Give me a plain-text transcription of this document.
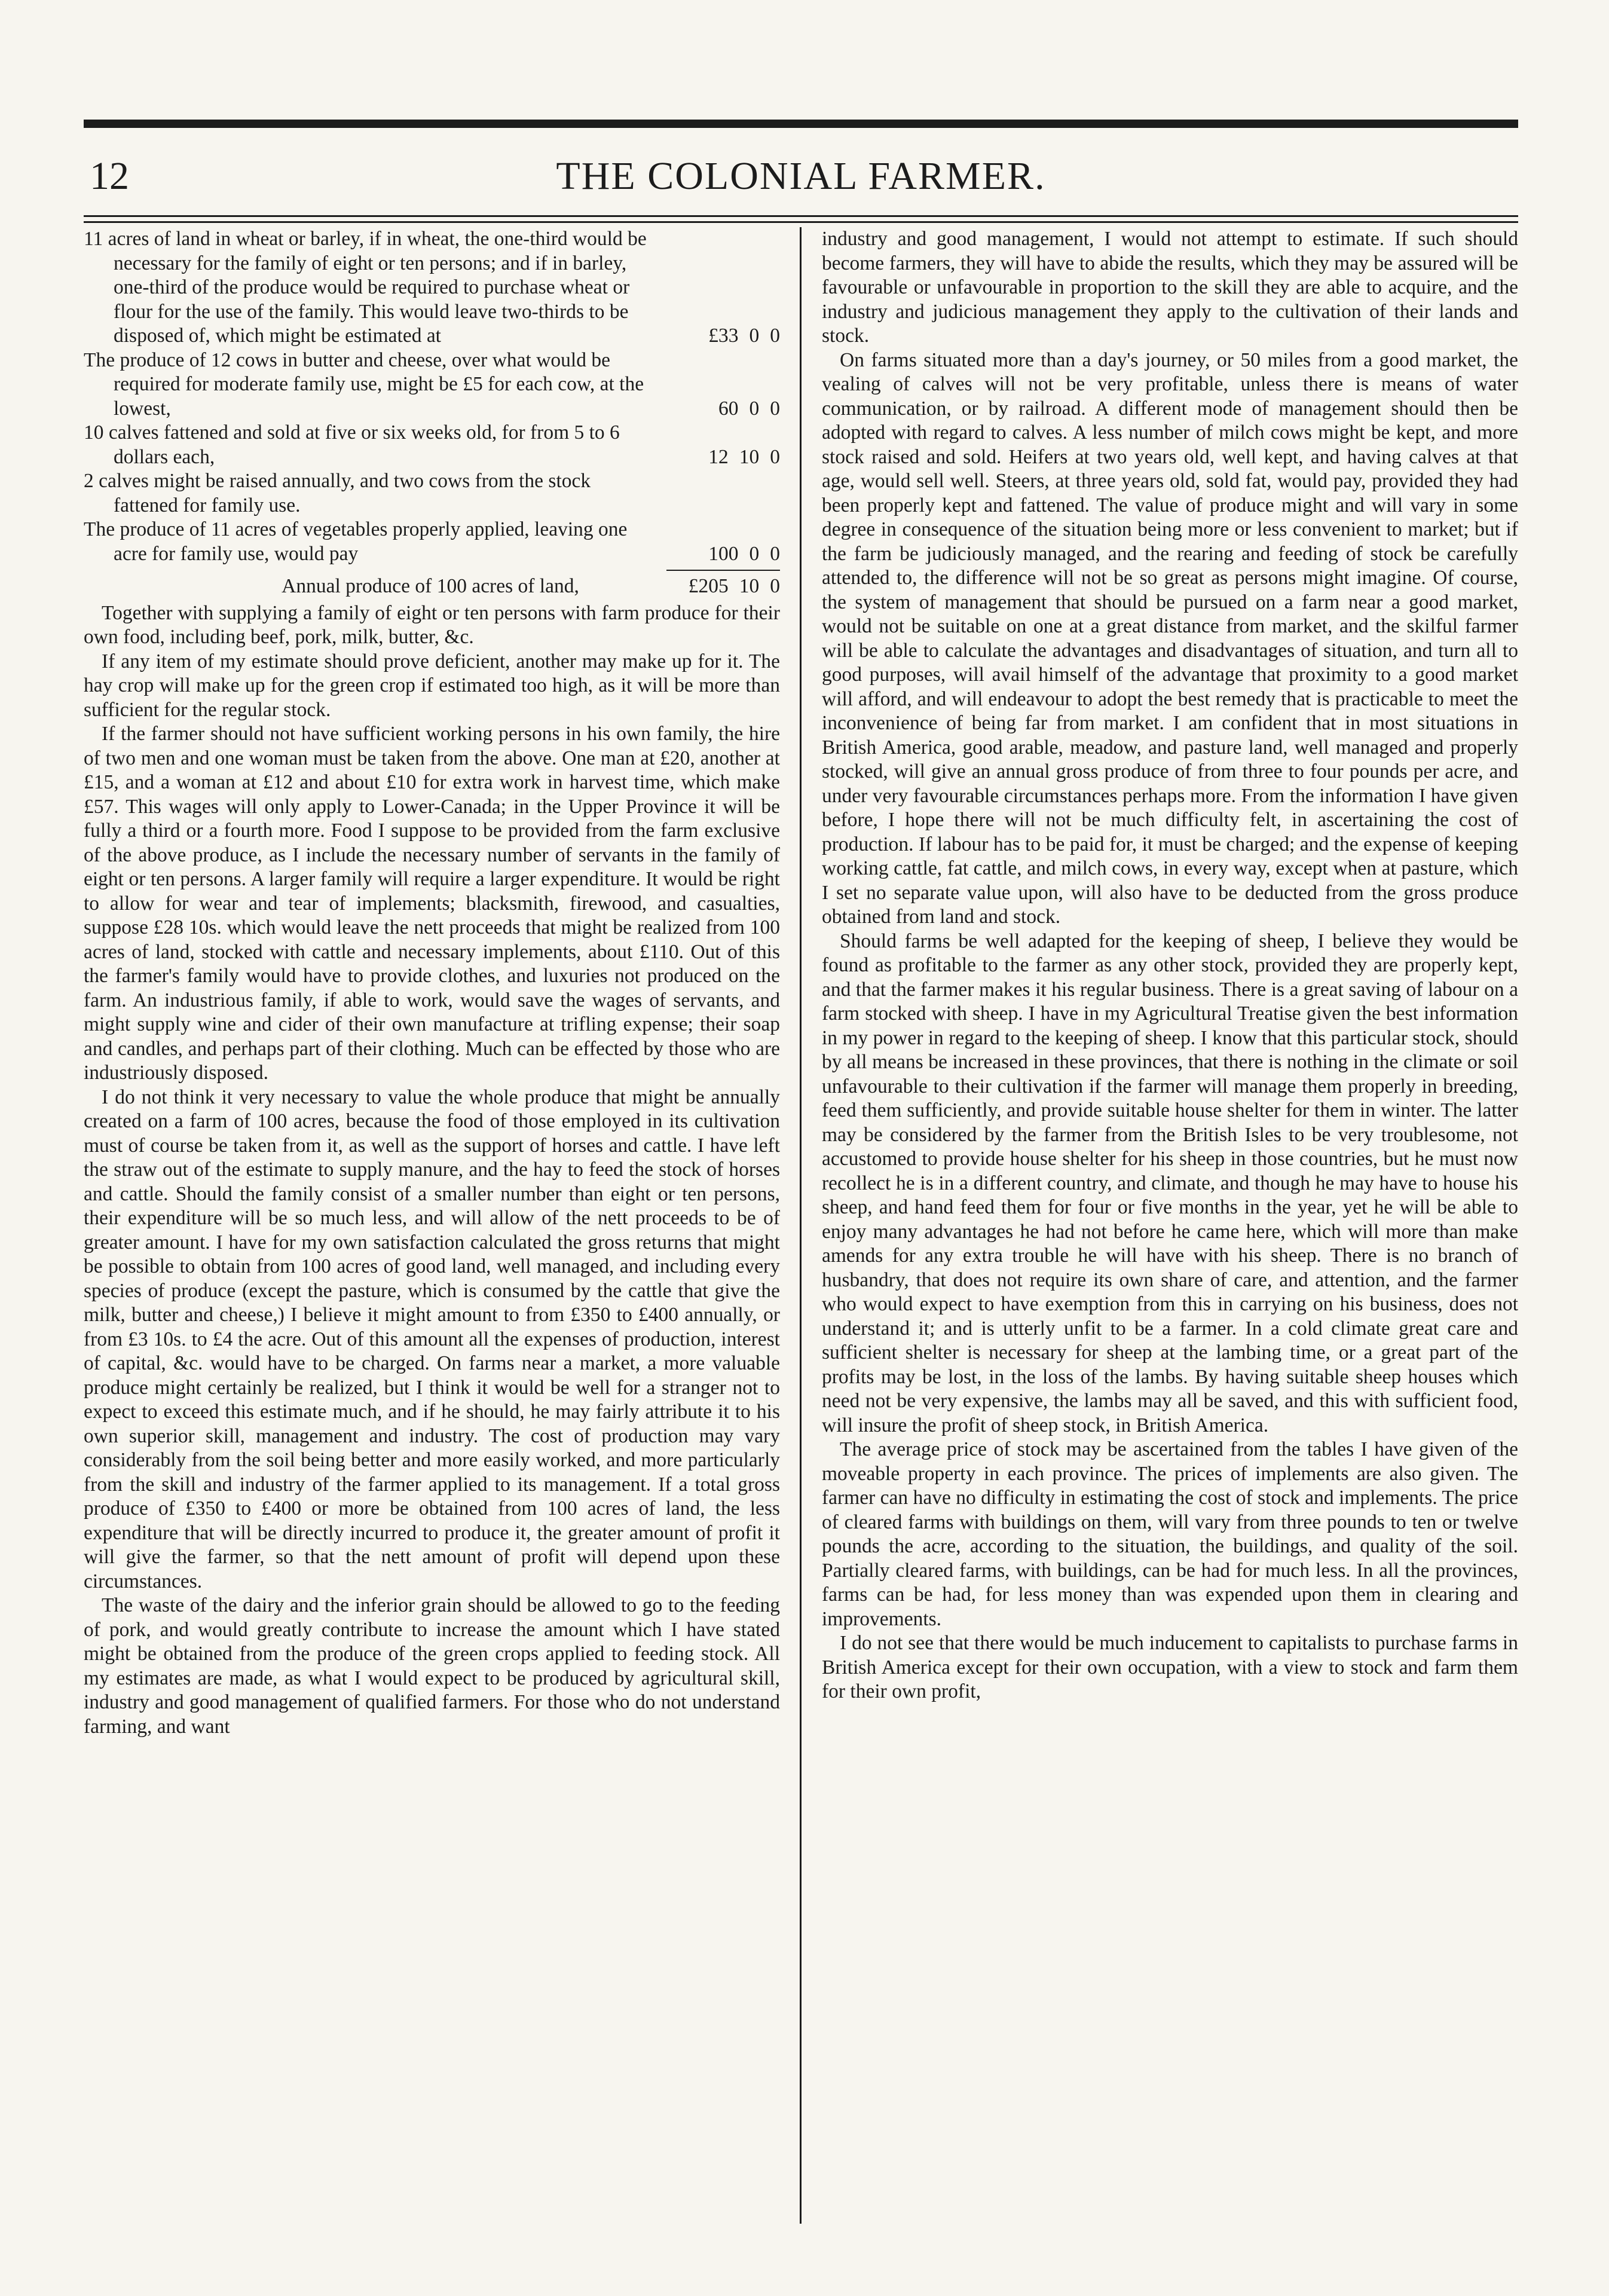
12	THE COLONIAL FARMER.
11 acres of land in wheat or barley, if in wheat, the one-third would be necessary for the family of eight or ten persons; and if in barley, one-third of the produce would be required to purchase wheat or flour for the use of the family. This would leave two-thirds to be disposed of, which might be estimated at	£33 0 0
The produce of 12 cows in butter and cheese, over what would be required for moderate family use, might be £5 for each cow, at the lowest,	60 0 0
10 calves fattened and sold at five or six weeks old, for from 5 to 6 dollars each,	12 10 0
2 calves might be raised annually, and two cows from the stock fattened for family use.
The produce of 11 acres of vegetables properly applied, leaving one acre for family use, would pay	100 0 0
Annual produce of 100 acres of land,	£205 10 0

Together with supplying a family of eight or ten persons with farm produce for their own food, including beef, pork, milk, butter, &c.

If any item of my estimate should prove deficient, another may make up for it. The hay crop will make up for the green crop if estimated too high, as it will be more than sufficient for the regular stock.

If the farmer should not have sufficient working persons in his own family, the hire of two men and one woman must be taken from the above. One man at £20, another at £15, and a woman at £12 and about £10 for extra work in harvest time, which make £57. This wages will only apply to Lower-Canada; in the Upper Province it will be fully a third or a fourth more. Food I suppose to be provided from the farm exclusive of the above produce, as I include the necessary number of servants in the family of eight or ten persons. A larger family will require a larger expenditure. It would be right to allow for wear and tear of implements; blacksmith, firewood, and casualties, suppose £28 10s. which would leave the nett proceeds that might be realized from 100 acres of land, stocked with cattle and necessary implements, about £110. Out of this the farmer's family would have to provide clothes, and luxuries not produced on the farm. An industrious family, if able to work, would save the wages of servants, and might supply wine and cider of their own manufacture at trifling expense; their soap and candles, and perhaps part of their clothing. Much can be effected by those who are industriously disposed.

I do not think it very necessary to value the whole produce that might be annually created on a farm of 100 acres, because the food of those employed in its cultivation must of course be taken from it, as well as the support of horses and cattle. I have left the straw out of the estimate to supply manure, and the hay to feed the stock of horses and cattle. Should the family consist of a smaller number than eight or ten persons, their expenditure will be so much less, and will allow of the nett proceeds to be of greater amount. I have for my own satisfaction calculated the gross returns that might be possible to obtain from 100 acres of good land, well managed, and including every species of produce (except the pasture, which is consumed by the cattle that give the milk, butter and cheese,) I believe it might amount to from £350 to £400 annually, or from £3 10s. to £4 the acre. Out of this amount all the expenses of production, interest of capital, &c. would have to be charged. On farms near a market, a more valuable produce might certainly be realized, but I think it would be well for a stranger not to expect to exceed this estimate much, and if he should, he may fairly attribute it to his own superior skill, management and industry. The cost of production may vary considerably from the soil being better and more easily worked, and more particularly from the skill and industry of the farmer applied to its management. If a total gross produce of £350 to £400 or more be obtained from 100 acres of land, the less expenditure that will be directly incurred to produce it, the greater amount of profit it will give the farmer, so that the nett amount of profit will depend upon these circumstances.

The waste of the dairy and the inferior grain should be allowed to go to the feeding of pork, and would greatly contribute to increase the amount which I have stated might be obtained from the produce of the green crops applied to feeding stock. All my estimates are made, as what I would expect to be produced by agricultural skill, industry and good management of qualified farmers. For those who do not understand farming, and want

industry and good management, I would not attempt to estimate. If such should become farmers, they will have to abide the results, which they may be assured will be favourable or unfavourable in proportion to the skill they are able to acquire, and the industry and judicious management they apply to the cultivation of their lands and stock.

On farms situated more than a day's journey, or 50 miles from a good market, the vealing of calves will not be very profitable, unless there is means of water communication, or by railroad. A different mode of management should then be adopted with regard to calves. A less number of milch cows might be kept, and more stock raised and sold. Heifers at two years old, well kept, and having calves at that age, would sell well. Steers, at three years old, sold fat, would pay, provided they had been properly kept and fattened. The value of produce might and will vary in some degree in consequence of the situation being more or less convenient to market; but if the farm be judiciously managed, and the rearing and feeding of stock be carefully attended to, the difference will not be so great as persons might imagine. Of course, the system of management that should be pursued on a farm near a good market, would not be suitable on one at a great distance from market, and the skilful farmer will be able to calculate the advantages and disadvantages of situation, and turn all to good purposes, will avail himself of the advantage that proximity to a good market will afford, and will endeavour to adopt the best remedy that is practicable to meet the inconvenience of being far from market. I am confident that in most situations in British America, good arable, meadow, and pasture land, well managed and properly stocked, will give an annual gross produce of from three to four pounds per acre, and under very favourable circumstances perhaps more. From the information I have given before, I hope there will not be much difficulty felt, in ascertaining the cost of production. If labour has to be paid for, it must be charged; and the expense of keeping working cattle, fat cattle, and milch cows, in every way, except when at pasture, which I set no separate value upon, will also have to be deducted from the gross produce obtained from land and stock.

Should farms be well adapted for the keeping of sheep, I believe they would be found as profitable to the farmer as any other stock, provided they are properly kept, and that the farmer makes it his regular business. There is a great saving of labour on a farm stocked with sheep. I have in my Agricultural Treatise given the best information in my power in regard to the keeping of sheep. I know that this particular stock, should by all means be increased in these provinces, that there is nothing in the climate or soil unfavourable to their cultivation if the farmer will manage them properly in breeding, feed them sufficiently, and provide suitable house shelter for them in winter. The latter may be considered by the farmer from the British Isles to be very troublesome, not accustomed to provide house shelter for his sheep in those countries, but he must now recollect he is in a different country, and climate, and though he may have to house his sheep, and hand feed them for four or five months in the year, yet he will be able to enjoy many advantages he had not before he came here, which will more than make amends for any extra trouble he will have with his sheep. There is no branch of husbandry, that does not require its own share of care, and attention, and the farmer who would expect to have exemption from this in carrying on his business, does not understand it; and is utterly unfit to be a farmer. In a cold climate great care and sufficient shelter is necessary for sheep at the lambing time, or a great part of the profits may be lost, in the loss of the lambs. By having suitable sheep houses which need not be very expensive, the lambs may all be saved, and this with sufficient food, will insure the profit of sheep stock, in British America.

The average price of stock may be ascertained from the tables I have given of the moveable property in each province. The prices of implements are also given. The farmer can have no difficulty in estimating the cost of stock and implements. The price of cleared farms with buildings on them, will vary from three pounds to ten or twelve pounds the acre, according to the situation, the buildings, and quality of the soil. Partially cleared farms, with buildings, can be had for much less. In all the provinces, farms can be had, for less money than was expended upon them in clearing and improvements.

I do not see that there would be much inducement to capitalists to purchase farms in British America except for their own occupation, with a view to stock and farm them for their own profit,
